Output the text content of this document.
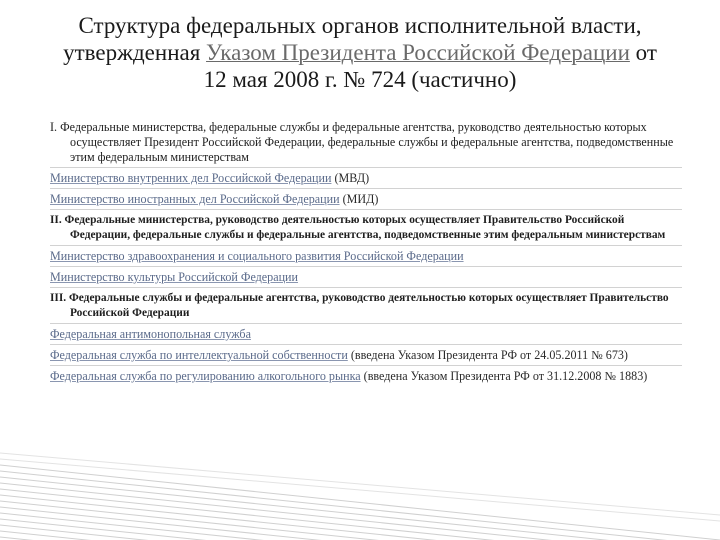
Структура федеральных органов исполнительной власти,
утвержденная Указом Президента Российской Федерации от
12 мая 2008 г. № 724 (частично)
I. Федеральные министерства, федеральные службы и федеральные агентства, руководство деятельностью которых осуществляет Президент Российской Федерации, федеральные службы и федеральные агентства, подведомственные этим федеральным министерствам
Министерство внутренних дел Российской Федерации (МВД)
Министерство иностранных дел Российской Федерации (МИД)
II. Федеральные министерства, руководство деятельностью которых осуществляет Правительство Российской Федерации, федеральные службы и федеральные агентства, подведомственные этим федеральным министерствам
Министерство здравоохранения и социального развития Российской Федерации
Министерство культуры Российской Федерации
III. Федеральные службы и федеральные агентства, руководство деятельностью которых осуществляет Правительство Российской Федерации
Федеральная антимонопольная служба
Федеральная служба по интеллектуальной собственности (введена Указом Президента РФ от 24.05.2011 № 673)
Федеральная служба по регулированию алкогольного рынка (введена Указом Президента РФ от 31.12.2008 № 1883)
